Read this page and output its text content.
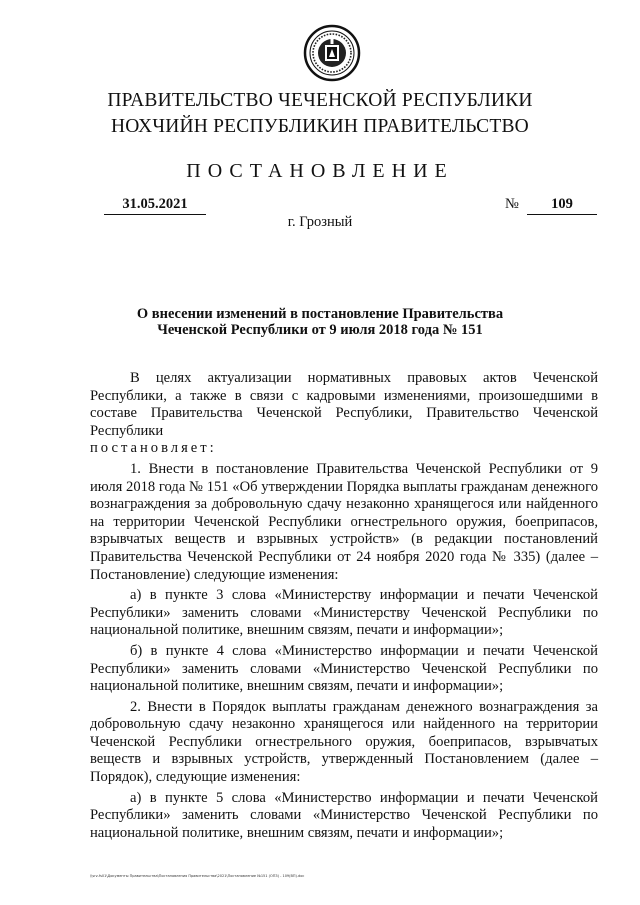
ПРАВИТЕЛЬСТВО ЧЕЧЕНСКОЙ РЕСПУБЛИКИ
НОХЧИЙН РЕСПУБЛИКИН ПРАВИТЕЛЬСТВО
ПОСТАНОВЛЕНИЕ
31.05.2021	№	109
г. Грозный
О внесении изменений в постановление Правительства
Чеченской Республики от 9 июля 2018 года № 151

В целях актуализации нормативных правовых актов Чеченской Республики, а также в связи с кадровыми изменениями, произошедшими в составе Правительства Чеченской Республики, Правительство Чеченской Республики
постановляет:

1. Внести в постановление Правительства Чеченской Республики от 9 июля 2018 года № 151 «Об утверждении Порядка выплаты гражданам денежного вознаграждения за добровольную сдачу незаконно хранящегося или найденного на территории Чеченской Республики огнестрельного оружия, боеприпасов, взрывчатых веществ и взрывных устройств» (в редакции постановлений Правительства Чеченской Республики от 24 ноября 2020 года № 335) (далее – Постановление) следующие изменения:

а) в пункте 3 слова «Министерству информации и печати Чеченской Республики» заменить словами «Министерству Чеченской Республики по национальной политике, внешним связям, печати и информации»;

б) в пункте 4 слова «Министерство информации и печати Чеченской Республики» заменить словами «Министерство Чеченской Республики по национальной политике, внешним связям, печати и информации»;

2. Внести в Порядок выплаты гражданам денежного вознаграждения за добровольную сдачу незаконно хранящегося или найденного на территории Чеченской Республики огнестрельного оружия, боеприпасов, взрывчатых веществ и взрывных устройств, утвержденный Постановлением (далее – Порядок), следующие изменения:

а) в пункте 5 слова «Министерство информации и печати Чеченской Республики» заменить словами «Министерство Чеченской Республики по национальной политике, внешним связям, печати и информации»;

\\srv-fs01\Документы Правительства\Постановления Правительства\2021\Постановление №151 (ОПЗ) - 109(ВП).doc
